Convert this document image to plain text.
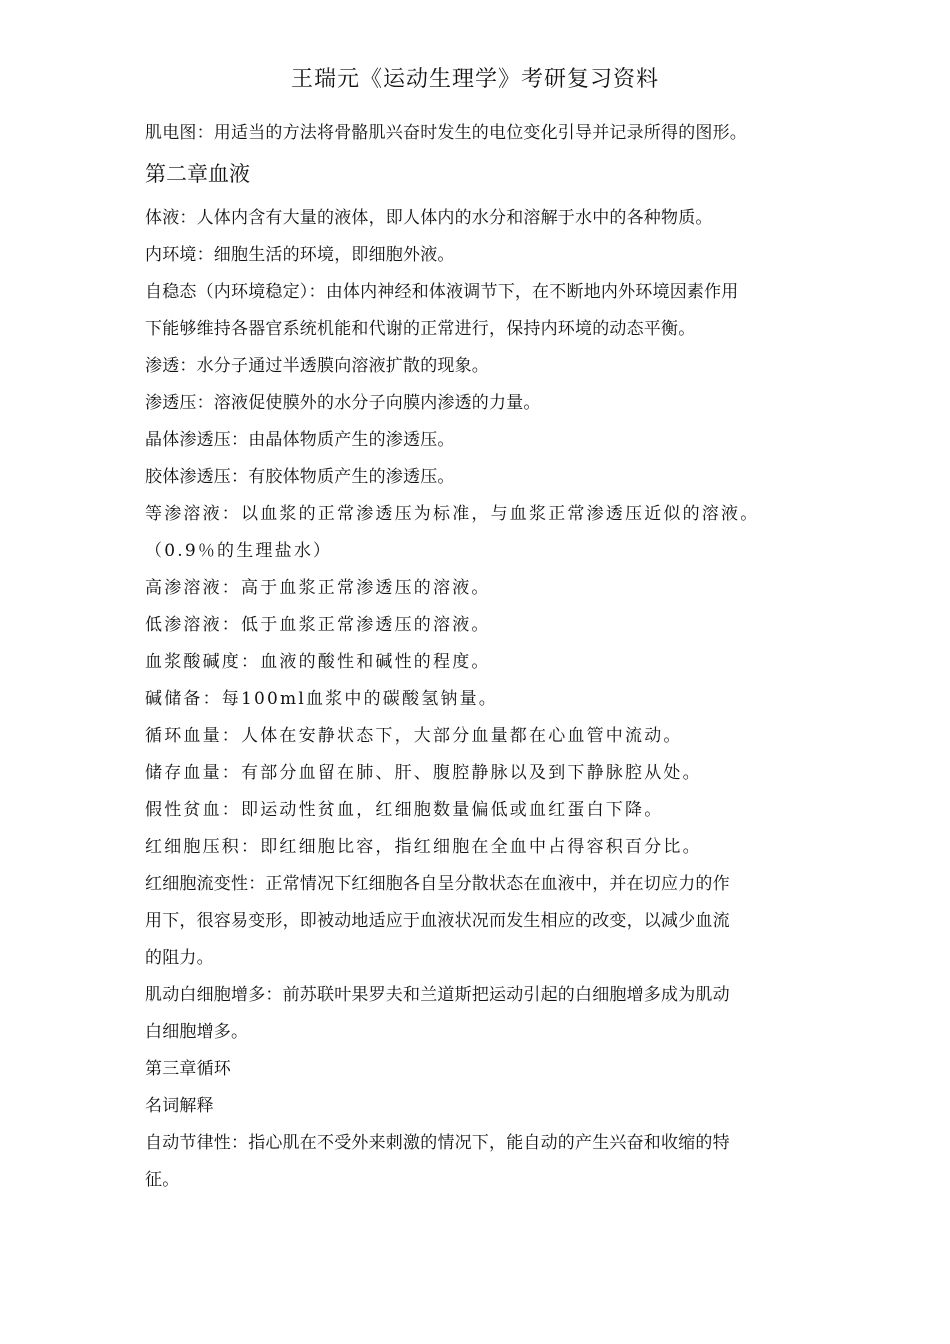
王瑞元《运动生理学》考研复习资料
肌电图：用适当的方法将骨骼肌兴奋时发生的电位变化引导并记录所得的图形。
第二章血液
体液：人体内含有大量的液体，即人体内的水分和溶解于水中的各种物质。
内环境：细胞生活的环境，即细胞外液。
自稳态（内环境稳定）：由体内神经和体液调节下，在不断地内外环境因素作用
下能够维持各器官系统机能和代谢的正常进行，保持内环境的动态平衡。
渗透：水分子通过半透膜向溶液扩散的现象。
渗透压：溶液促使膜外的水分子向膜内渗透的力量。
晶体渗透压：由晶体物质产生的渗透压。
胶体渗透压：有胶体物质产生的渗透压。
等渗溶液：以血浆的正常渗透压为标准，与血浆正常渗透压近似的溶液。
（0.9％的生理盐水）
高渗溶液：高于血浆正常渗透压的溶液。
低渗溶液：低于血浆正常渗透压的溶液。
血浆酸碱度：血液的酸性和碱性的程度。
碱储备：每100ml血浆中的碳酸氢钠量。
循环血量：人体在安静状态下，大部分血量都在心血管中流动。
储存血量：有部分血留在肺、肝、腹腔静脉以及到下静脉腔从处。
假性贫血：即运动性贫血，红细胞数量偏低或血红蛋白下降。
红细胞压积：即红细胞比容，指红细胞在全血中占得容积百分比。
红细胞流变性：正常情况下红细胞各自呈分散状态在血液中，并在切应力的作
用下，很容易变形，即被动地适应于血液状况而发生相应的改变，以减少血流
的阻力。
肌动白细胞增多：前苏联叶果罗夫和兰道斯把运动引起的白细胞增多成为肌动
白细胞增多。
第三章循环
名词解释
自动节律性：指心肌在不受外来刺激的情况下，能自动的产生兴奋和收缩的特
征。
